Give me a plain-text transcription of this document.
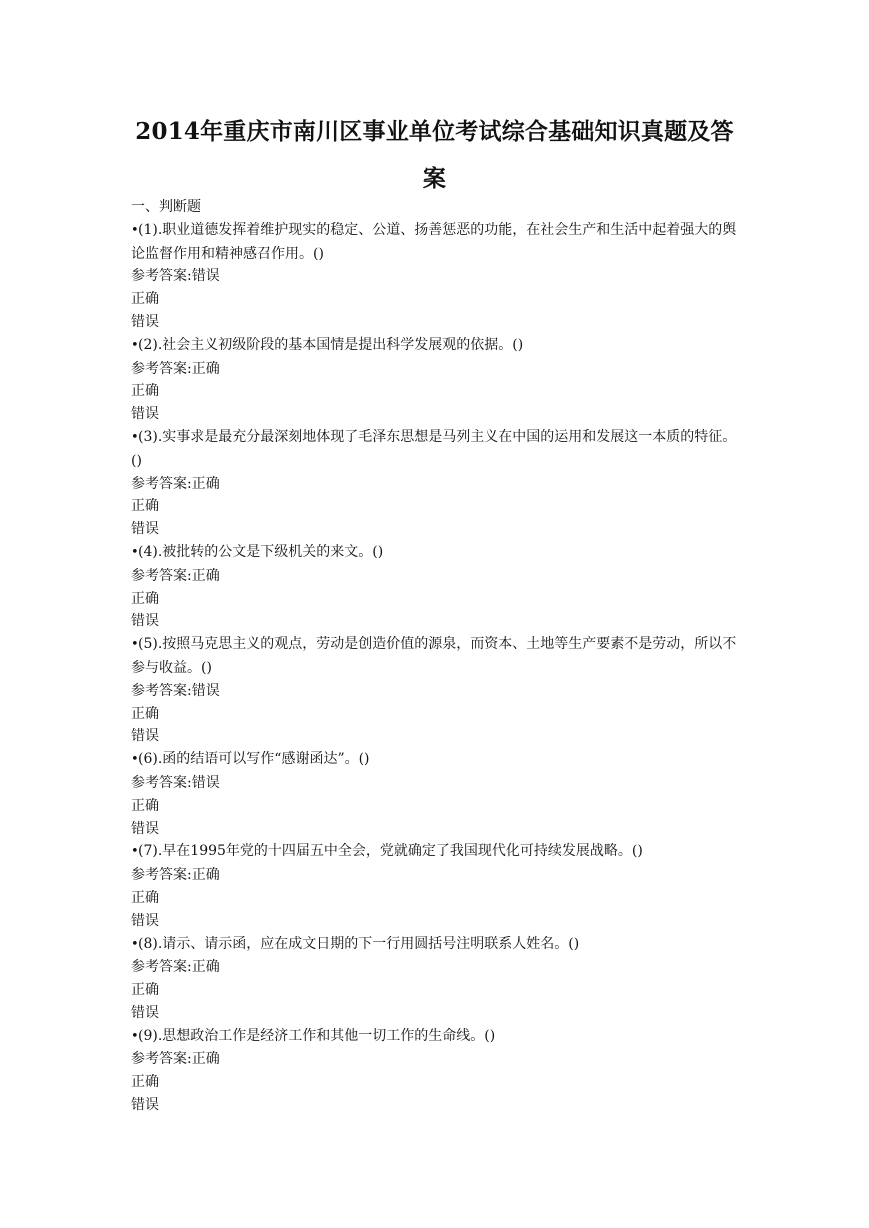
2014年重庆市南川区事业单位考试综合基础知识真题及答
案
一、判断题
•(1).职业道德发挥着维护现实的稳定、公道、扬善惩恶的功能，在社会生产和生活中起着强大的舆论监督作用和精神感召作用。()
参考答案:错误
正确
错误
•(2).社会主义初级阶段的基本国情是提出科学发展观的依据。()
参考答案:正确
正确
错误
•(3).实事求是最充分最深刻地体现了毛泽东思想是马列主义在中国的运用和发展这一本质的特征。()
参考答案:正确
正确
错误
•(4).被批转的公文是下级机关的来文。()
参考答案:正确
正确
错误
•(5).按照马克思主义的观点，劳动是创造价值的源泉，而资本、土地等生产要素不是劳动，所以不参与收益。()
参考答案:错误
正确
错误
•(6).函的结语可以写作“感谢函达”。()
参考答案:错误
正确
错误
•(7).早在1995年党的十四届五中全会，党就确定了我国现代化可持续发展战略。()
参考答案:正确
正确
错误
•(8).请示、请示函，应在成文日期的下一行用圆括号注明联系人姓名。()
参考答案:正确
正确
错误
•(9).思想政治工作是经济工作和其他一切工作的生命线。()
参考答案:正确
正确
错误
